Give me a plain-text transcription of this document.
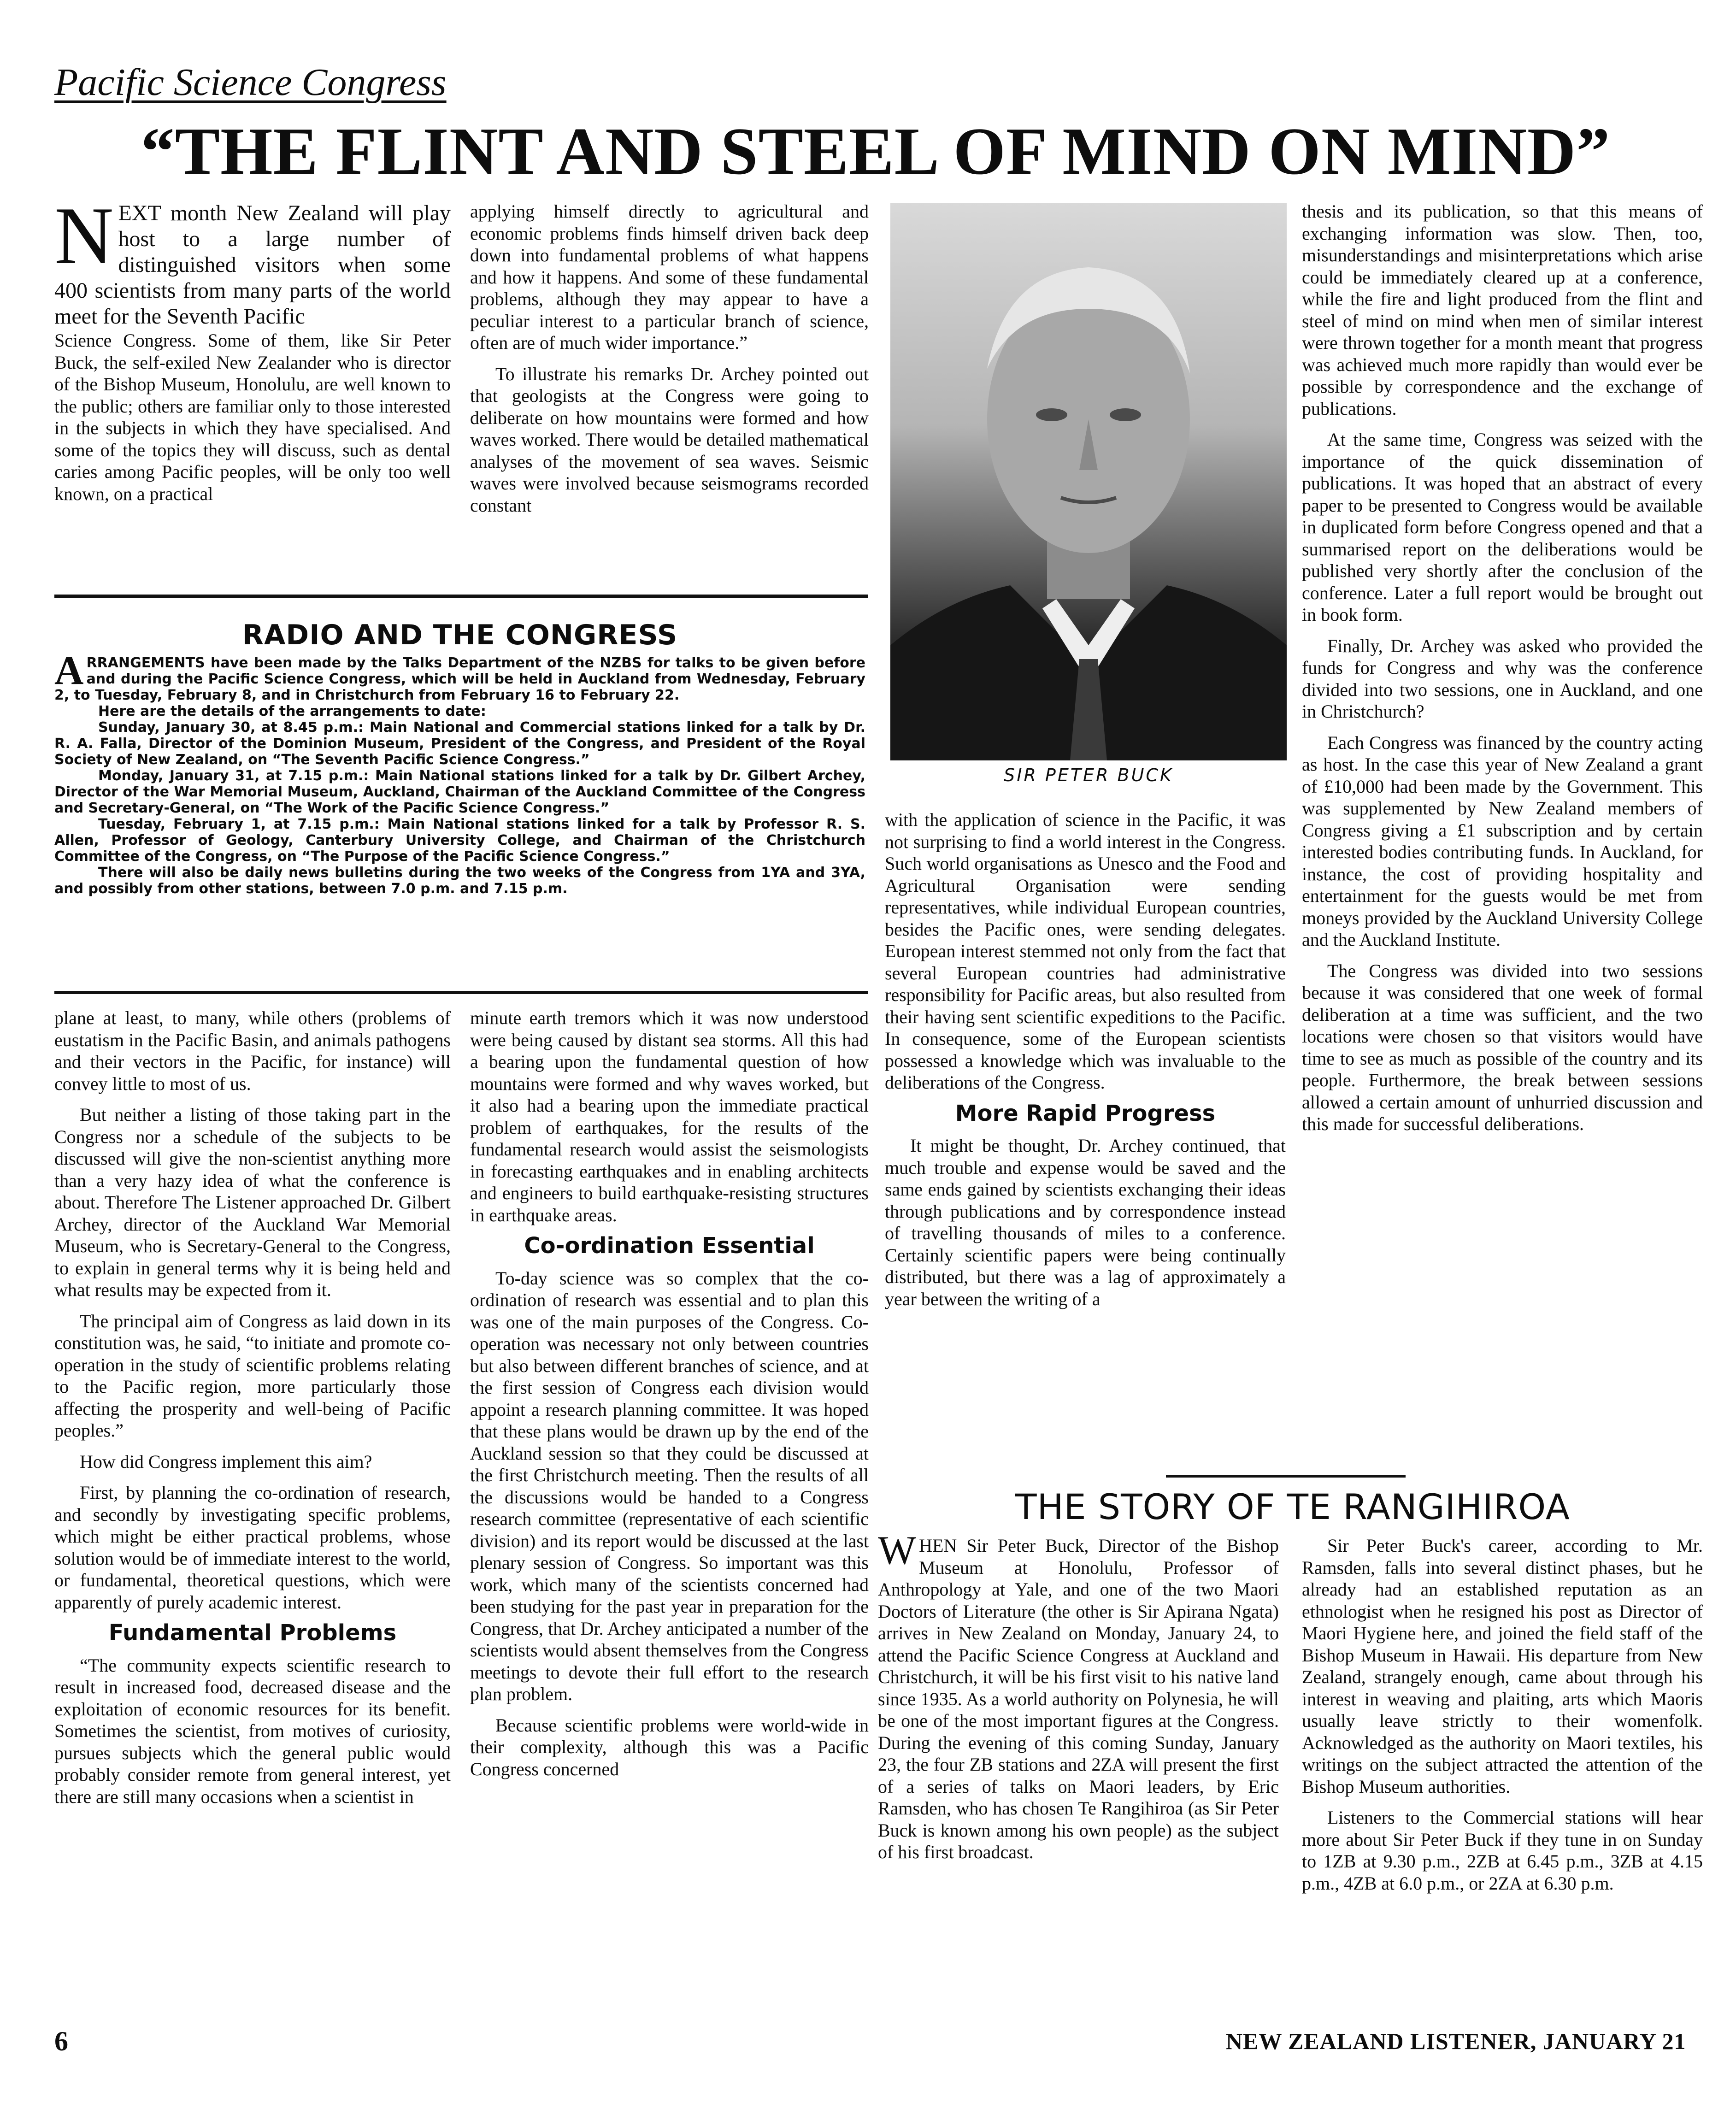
Pacific Science Congress
“THE FLINT AND STEEL OF MIND ON MIND”
NEXT month New Zealand will play host to a large number of distinguished visitors when some 400 scientists from many parts of the world meet for the Seventh Pacific

Science Congress. Some of them, like Sir Peter Buck, the self-exiled New Zealander who is director of the Bishop Museum, Honolulu, are well known to the public; others are familiar only to those interested in the subjects in which they have specialised. And some of the topics they will discuss, such as dental caries among Pacific peoples, will be only too well known, on a practical

applying himself directly to agricultural and economic problems finds himself driven back deep down into fundamental problems of what happens and how it happens. And some of these fundamental problems, although they may appear to have a peculiar interest to a particular branch of science, often are of much wider importance.”

To illustrate his remarks Dr. Archey pointed out that geologists at the Congress were going to deliberate on how mountains were formed and how waves worked. There would be detailed mathematical analyses of the movement of sea waves. Seismic waves were involved because seismograms recorded constant

RADIO AND THE CONGRESS

ARRANGEMENTS have been made by the Talks Department of the NZBS for talks to be given before and during the Pacific Science Congress, which will be held in Auckland from Wednesday, February 2, to Tuesday, February 8, and in Christchurch from February 16 to February 22.

Here are the details of the arrangements to date:

Sunday, January 30, at 8.45 p.m.: Main National and Commercial stations linked for a talk by Dr. R. A. Falla, Director of the Dominion Museum, President of the Congress, and President of the Royal Society of New Zealand, on “The Seventh Pacific Science Congress.”

Monday, January 31, at 7.15 p.m.: Main National stations linked for a talk by Dr. Gilbert Archey, Director of the War Memorial Museum, Auckland, Chairman of the Auckland Committee of the Congress and Secretary-General, on “The Work of the Pacific Science Congress.”

Tuesday, February 1, at 7.15 p.m.: Main National stations linked for a talk by Professor R. S. Allen, Professor of Geology, Canterbury University College, and Chairman of the Christchurch Committee of the Congress, on “The Purpose of the Pacific Science Congress.”

There will also be daily news bulletins during the two weeks of the Congress from 1YA and 3YA, and possibly from other stations, between 7.0 p.m. and 7.15 p.m.

plane at least, to many, while others (problems of eustatism in the Pacific Basin, and animals pathogens and their vectors in the Pacific, for instance) will convey little to most of us.

But neither a listing of those taking part in the Congress nor a schedule of the subjects to be discussed will give the non-scientist anything more than a very hazy idea of what the conference is about. Therefore The Listener approached Dr. Gilbert Archey, director of the Auckland War Memorial Museum, who is Secretary-General to the Congress, to explain in general terms why it is being held and what results may be expected from it.

The principal aim of Congress as laid down in its constitution was, he said, “to initiate and promote co-operation in the study of scientific problems relating to the Pacific region, more particularly those affecting the prosperity and well-being of Pacific peoples.”

How did Congress implement this aim?

First, by planning the co-ordination of research, and secondly by investigating specific problems, which might be either practical problems, whose solution would be of immediate interest to the world, or fundamental, theoretical questions, which were apparently of purely academic interest.

Fundamental Problems

“The community expects scientific research to result in increased food, decreased disease and the exploitation of economic resources for its benefit. Sometimes the scientist, from motives of curiosity, pursues subjects which the general public would probably consider remote from general interest, yet there are still many occasions when a scientist in

minute earth tremors which it was now understood were being caused by distant sea storms. All this had a bearing upon the fundamental question of how mountains were formed and why waves worked, but it also had a bearing upon the immediate practical problem of earthquakes, for the results of the fundamental research would assist the seismologists in forecasting earthquakes and in enabling architects and engineers to build earthquake-resisting structures in earthquake areas.

Co-ordination Essential

To-day science was so complex that the co-ordination of research was essential and to plan this was one of the main purposes of the Congress. Co-operation was necessary not only between countries but also between different branches of science, and at the first session of Congress each division would appoint a research planning committee. It was hoped that these plans would be drawn up by the end of the Auckland session so that they could be discussed at the first Christchurch meeting. Then the results of all the discussions would be handed to a Congress research committee (representative of each scientific division) and its report would be discussed at the last plenary session of Congress. So important was this work, which many of the scientists concerned had been studying for the past year in preparation for the Congress, that Dr. Archey anticipated a number of the scientists would absent themselves from the Congress meetings to devote their full effort to the research plan problem.

Because scientific problems were world-wide in their complexity, although this was a Pacific Congress concerned

SIR PETER BUCK

with the application of science in the Pacific, it was not surprising to find a world interest in the Congress. Such world organisations as Unesco and the Food and Agricultural Organisation were sending representatives, while individual European countries, besides the Pacific ones, were sending delegates. European interest stemmed not only from the fact that several European countries had administrative responsibility for Pacific areas, but also resulted from their having sent scientific expeditions to the Pacific. In consequence, some of the European scientists possessed a knowledge which was invaluable to the deliberations of the Congress.

More Rapid Progress

It might be thought, Dr. Archey continued, that much trouble and expense would be saved and the same ends gained by scientists exchanging their ideas through publications and by correspondence instead of travelling thousands of miles to a conference. Certainly scientific papers were being continually distributed, but there was a lag of approximately a year between the writing of a

thesis and its publication, so that this means of exchanging information was slow. Then, too, misunderstandings and misinterpretations which arise could be immediately cleared up at a conference, while the fire and light produced from the flint and steel of mind on mind when men of similar interest were thrown together for a month meant that progress was achieved much more rapidly than would ever be possible by correspondence and the exchange of publications.

At the same time, Congress was seized with the importance of the quick dissemination of publications. It was hoped that an abstract of every paper to be presented to Congress would be available in duplicated form before Congress opened and that a summarised report on the deliberations would be published very shortly after the conclusion of the conference. Later a full report would be brought out in book form.

Finally, Dr. Archey was asked who provided the funds for Congress and why was the conference divided into two sessions, one in Auckland, and one in Christchurch?

Each Congress was financed by the country acting as host. In the case this year of New Zealand a grant of £10,000 had been made by the Government. This was supplemented by New Zealand members of Congress giving a £1 subscription and by certain interested bodies contributing funds. In Auckland, for instance, the cost of providing hospitality and entertainment for the guests would be met from moneys provided by the Auckland University College and the Auckland Institute.

The Congress was divided into two sessions because it was considered that one week of formal deliberation at a time was sufficient, and the two locations were chosen so that visitors would have time to see as much as possible of the country and its people. Furthermore, the break between sessions allowed a certain amount of unhurried discussion and this made for successful deliberations.

THE STORY OF TE RANGIHIROA

WHEN Sir Peter Buck, Director of the Bishop Museum at Honolulu, Professor of Anthropology at Yale, and one of the two Maori Doctors of Literature (the other is Sir Apirana Ngata) arrives in New Zealand on Monday, January 24, to attend the Pacific Science Congress at Auckland and Christchurch, it will be his first visit to his native land since 1935. As a world authority on Polynesia, he will be one of the most important figures at the Congress. During the evening of this coming Sunday, January 23, the four ZB stations and 2ZA will present the first of a series of talks on Maori leaders, by Eric Ramsden, who has chosen Te Rangihiroa (as Sir Peter Buck is known among his own people) as the subject of his first broadcast.

Sir Peter Buck's career, according to Mr. Ramsden, falls into several distinct phases, but he already had an established reputation as an ethnologist when he resigned his post as Director of Maori Hygiene here, and joined the field staff of the Bishop Museum in Hawaii. His departure from New Zealand, strangely enough, came about through his interest in weaving and plaiting, arts which Maoris usually leave strictly to their womenfolk. Acknowledged as the authority on Maori textiles, his writings on the subject attracted the attention of the Bishop Museum authorities.

Listeners to the Commercial stations will hear more about Sir Peter Buck if they tune in on Sunday to 1ZB at 9.30 p.m., 2ZB at 6.45 p.m., 3ZB at 4.15 p.m., 4ZB at 6.0 p.m., or 2ZA at 6.30 p.m.

6	NEW ZEALAND LISTENER, JANUARY 21
